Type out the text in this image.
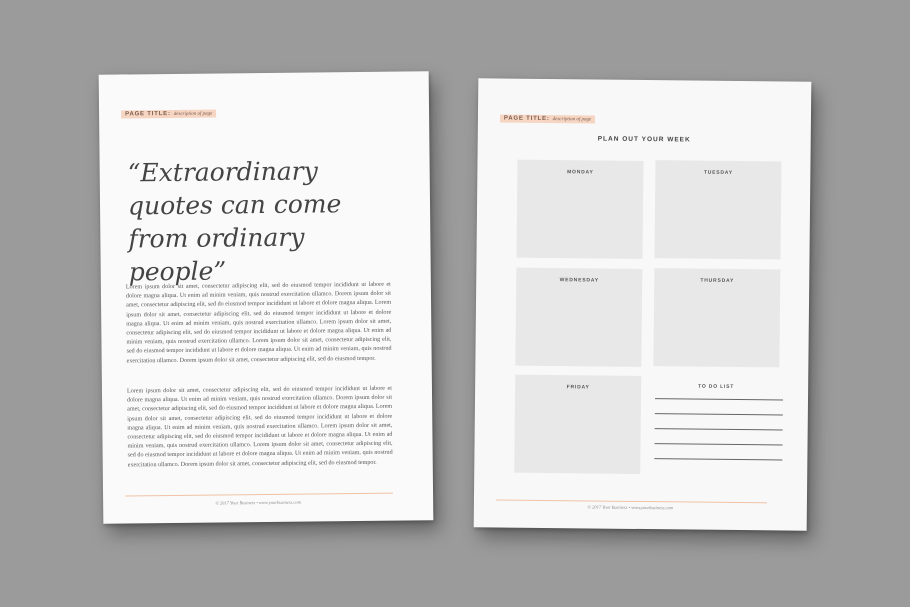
PAGE TITLE: description of page
“Extraordinary quotes can come from ordinary people”
Lorem ipsum dolor sit amet, consectetur adipiscing elit, sed do eiusmod tempor incididunt ut labore et dolore magna aliqua. Ut enim ad minim veniam, quis nostrud exercitation ullamco. Dorem ipsum dolor sit amet, consectetur adipiscing elit, sed do eiusmod tempor incididunt ut labore et dolore magna aliqua. Lorem ipsum dolor sit amet, consectetur adipiscing elit, sed do eiusmod tempor incididunt ut labore et dolore magna aliqua. Ut enim ad minim veniam, quis nostrud exercitation ullamco. Lorem ipsum dolor sit amet, consectetur adipiscing elit, sed do eiusmod tempor incididunt ut labore et dolore magna aliqua. Ut enim ad minim veniam, quis nostrud exercitation ullamco. Lorem ipsum dolor sit amet, consectetur adipiscing elit, sed do eiusmod tempor incididunt ut labore et dolore magna aliqua. Ut enim ad minim veniam, quis nostrud exercitation ullamco. Dorem ipsum dolor sit amet, consectetur adipiscing elit, sed do eiusmod tempor.
Lorem ipsum dolor sit amet, consectetur adipiscing elit, sed do eiusmod tempor incididunt ut labore et dolore magna aliqua. Ut enim ad minim veniam, quis nostrud exercitation ullamco. Dorem ipsum dolor sit amet, consectetur adipiscing elit, sed do eiusmod tempor incididunt ut labore et dolore magna aliqua. Lorem ipsum dolor sit amet, consectetur adipiscing elit, sed do eiusmod tempor incididunt ut labore et dolore magna aliqua. Ut enim ad minim veniam, quis nostrud exercitation ullamco. Lorem ipsum dolor sit amet, consectetur adipiscing elit, sed do eiusmod tempor incididunt ut labore et dolore magna aliqua. Ut enim ad minim veniam, quis nostrud exercitation ullamco. Lorem ipsum dolor sit amet, consectetur adipiscing elit, sed do eiusmod tempor incididunt ut labore et dolore magna aliqua. Ut enim ad minim veniam, quis nostrud exercitation ullamco. Dorem ipsum dolor sit amet, consectetur adipiscing elit, sed do eiusmod tempor.
© 2017 Your Business • www.yourbusiness.com
PAGE TITLE: description of page
PLAN OUT YOUR WEEK
MONDAY	TUESDAY
WEDNESDAY	THURSDAY
FRIDAY	TO DO LIST
© 2017 Your Business • www.yourbusiness.com
